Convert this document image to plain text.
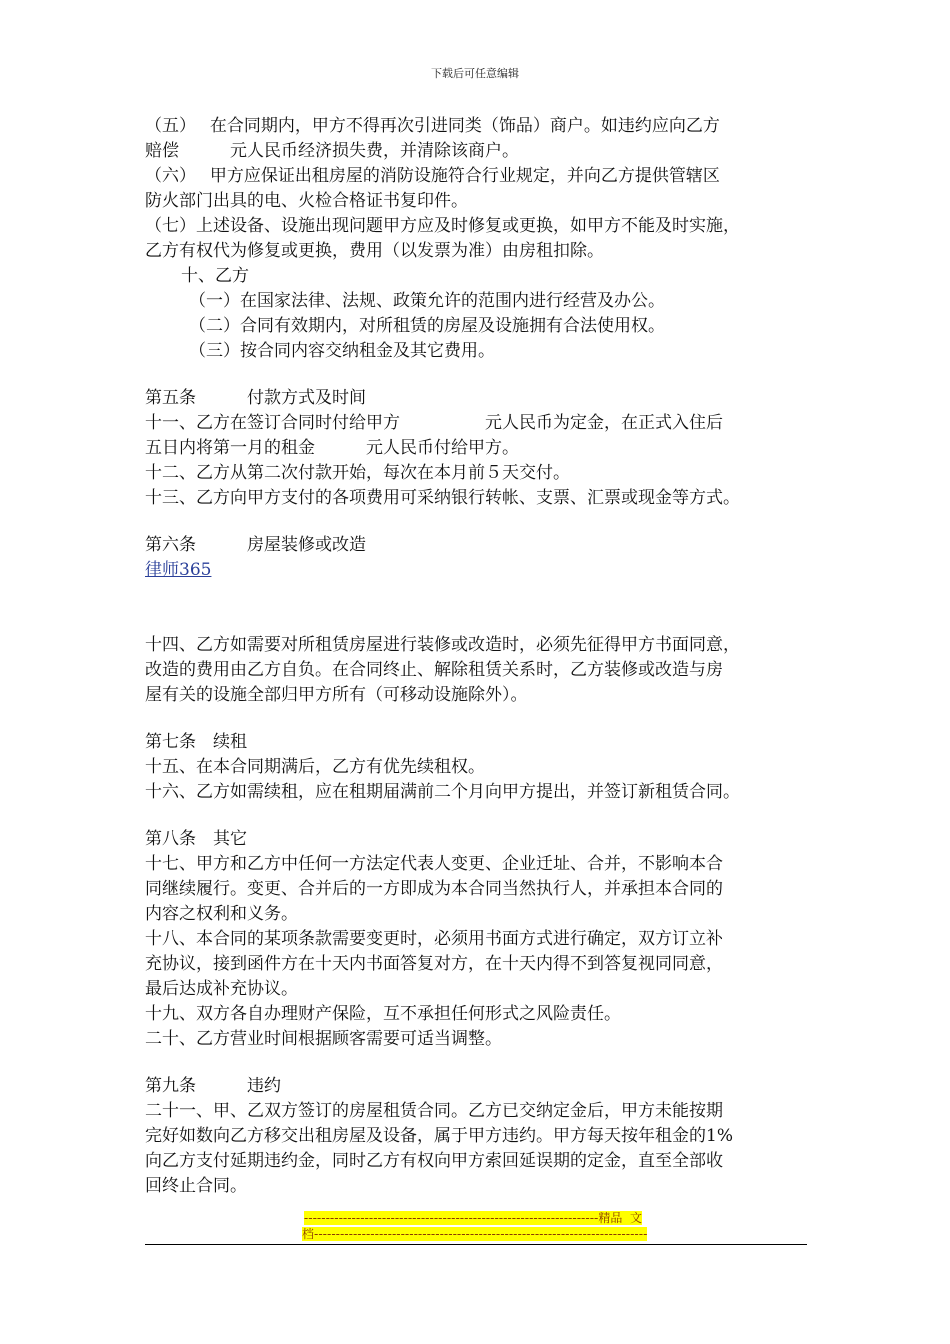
下载后可任意编辑
（五）　 在合同期内，甲方不得再次引进同类（饰品）商户。如违约应向乙方
赔偿　　　元人民币经济损失费，并清除该商户。
（六）　 甲方应保证出租房屋的消防设施符合行业规定，并向乙方提供管辖区
防火部门出具的电、火检合格证书复印件。
（七）上述设备、设施出现问题甲方应及时修复或更换，如甲方不能及时实施，
乙方有权代为修复或更换，费用（以发票为准）由房租扣除。
十、乙方
（一）在国家法律、法规、政策允许的范围内进行经营及办公。
（二）合同有效期内，对所租赁的房屋及设施拥有合法使用权。
（三）按合同内容交纳租金及其它费用。
第五条　　　付款方式及时间
十一、乙方在签订合同时付给甲方　　　　　元人民币为定金，在正式入住后
五日内将第一月的租金　　　元人民币付给甲方。
十二、乙方从第二次付款开始，每次在本月前５天交付。
十三、乙方向甲方支付的各项费用可采纳银行转帐、支票、汇票或现金等方式。
第六条　　　房屋装修或改造
律师365
十四、乙方如需要对所租赁房屋进行装修或改造时，必须先征得甲方书面同意，
改造的费用由乙方自负。在合同终止、解除租赁关系时，乙方装修或改造与房
屋有关的设施全部归甲方所有（可移动设施除外）。
第七条　续租
十五、在本合同期满后，乙方有优先续租权。
十六、乙方如需续租，应在租期届满前二个月向甲方提出，并签订新租赁合同。
第八条　其它
十七、甲方和乙方中任何一方法定代表人变更、企业迁址、合并，不影响本合
同继续履行。变更、合并后的一方即成为本合同当然执行人，并承担本合同的
内容之权利和义务。
十八、本合同的某项条款需要变更时，必须用书面方式进行确定，双方订立补
充协议，接到函件方在十天内书面答复对方，在十天内得不到答复视同同意，
最后达成补充协议。
十九、双方各自办理财产保险，互不承担任何形式之风险责任。
二十、乙方营业时间根据顾客需要可适当调整。
第九条　　　违约
二十一、甲、乙双方签订的房屋租赁合同。乙方已交纳定金后，甲方未能按期
完好如数向乙方移交出租房屋及设备，属于甲方违约。甲方每天按年租金的1%
向乙方支付延期违约金，同时乙方有权向甲方索回延误期的定金，直至全部收
回终止合同。
--------------------------------------------------------------------精品  文
档-----------------------------------------------------------------------------
